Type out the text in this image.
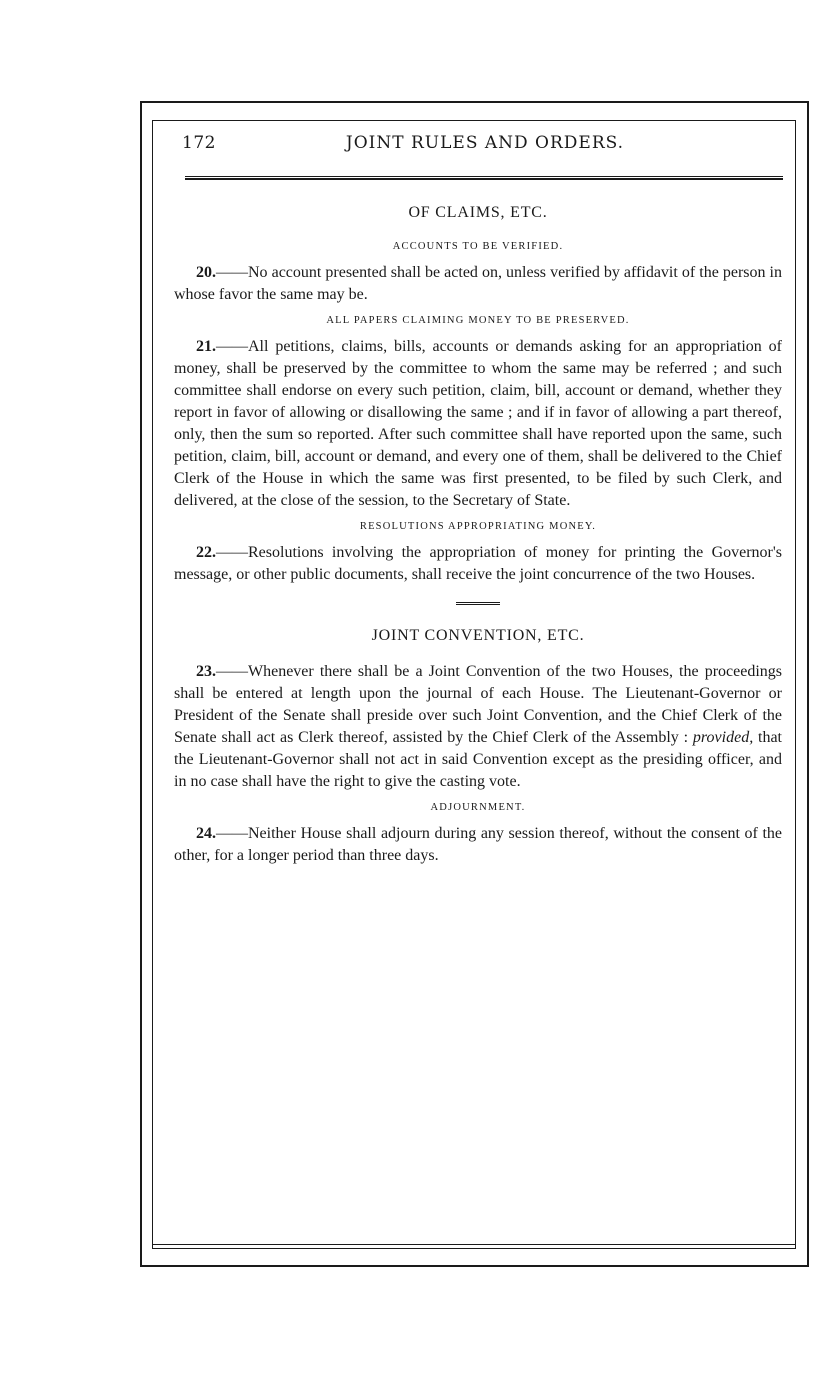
172	JOINT RULES AND ORDERS.
OF CLAIMS, ETC.
ACCOUNTS TO BE VERIFIED.

20.——No account presented shall be acted on, unless verified by affidavit of the person in whose favor the same may be.

ALL PAPERS CLAIMING MONEY TO BE PRESERVED.

21.——All petitions, claims, bills, accounts or demands asking for an appropriation of money, shall be preserved by the committee to whom the same may be referred ; and such committee shall endorse on every such petition, claim, bill, account or demand, whether they report in favor of allowing or disallowing the same ; and if in favor of allowing a part thereof, only, then the sum so reported. After such committee shall have reported upon the same, such petition, claim, bill, account or demand, and every one of them, shall be delivered to the Chief Clerk of the House in which the same was first presented, to be filed by such Clerk, and delivered, at the close of the session, to the Secretary of State.

RESOLUTIONS APPROPRIATING MONEY.

22.——Resolutions involving the appropriation of money for printing the Governor's message, or other public documents, shall receive the joint concurrence of the two Houses.

JOINT CONVENTION, ETC.

23.——Whenever there shall be a Joint Convention of the two Houses, the proceedings shall be entered at length upon the journal of each House. The Lieutenant-Governor or President of the Senate shall preside over such Joint Convention, and the Chief Clerk of the Senate shall act as Clerk thereof, assisted by the Chief Clerk of the Assembly : provided, that the Lieutenant-Governor shall not act in said Convention except as the presiding officer, and in no case shall have the right to give the casting vote.

ADJOURNMENT.

24.——Neither House shall adjourn during any session thereof, without the consent of the other, for a longer period than three days.
